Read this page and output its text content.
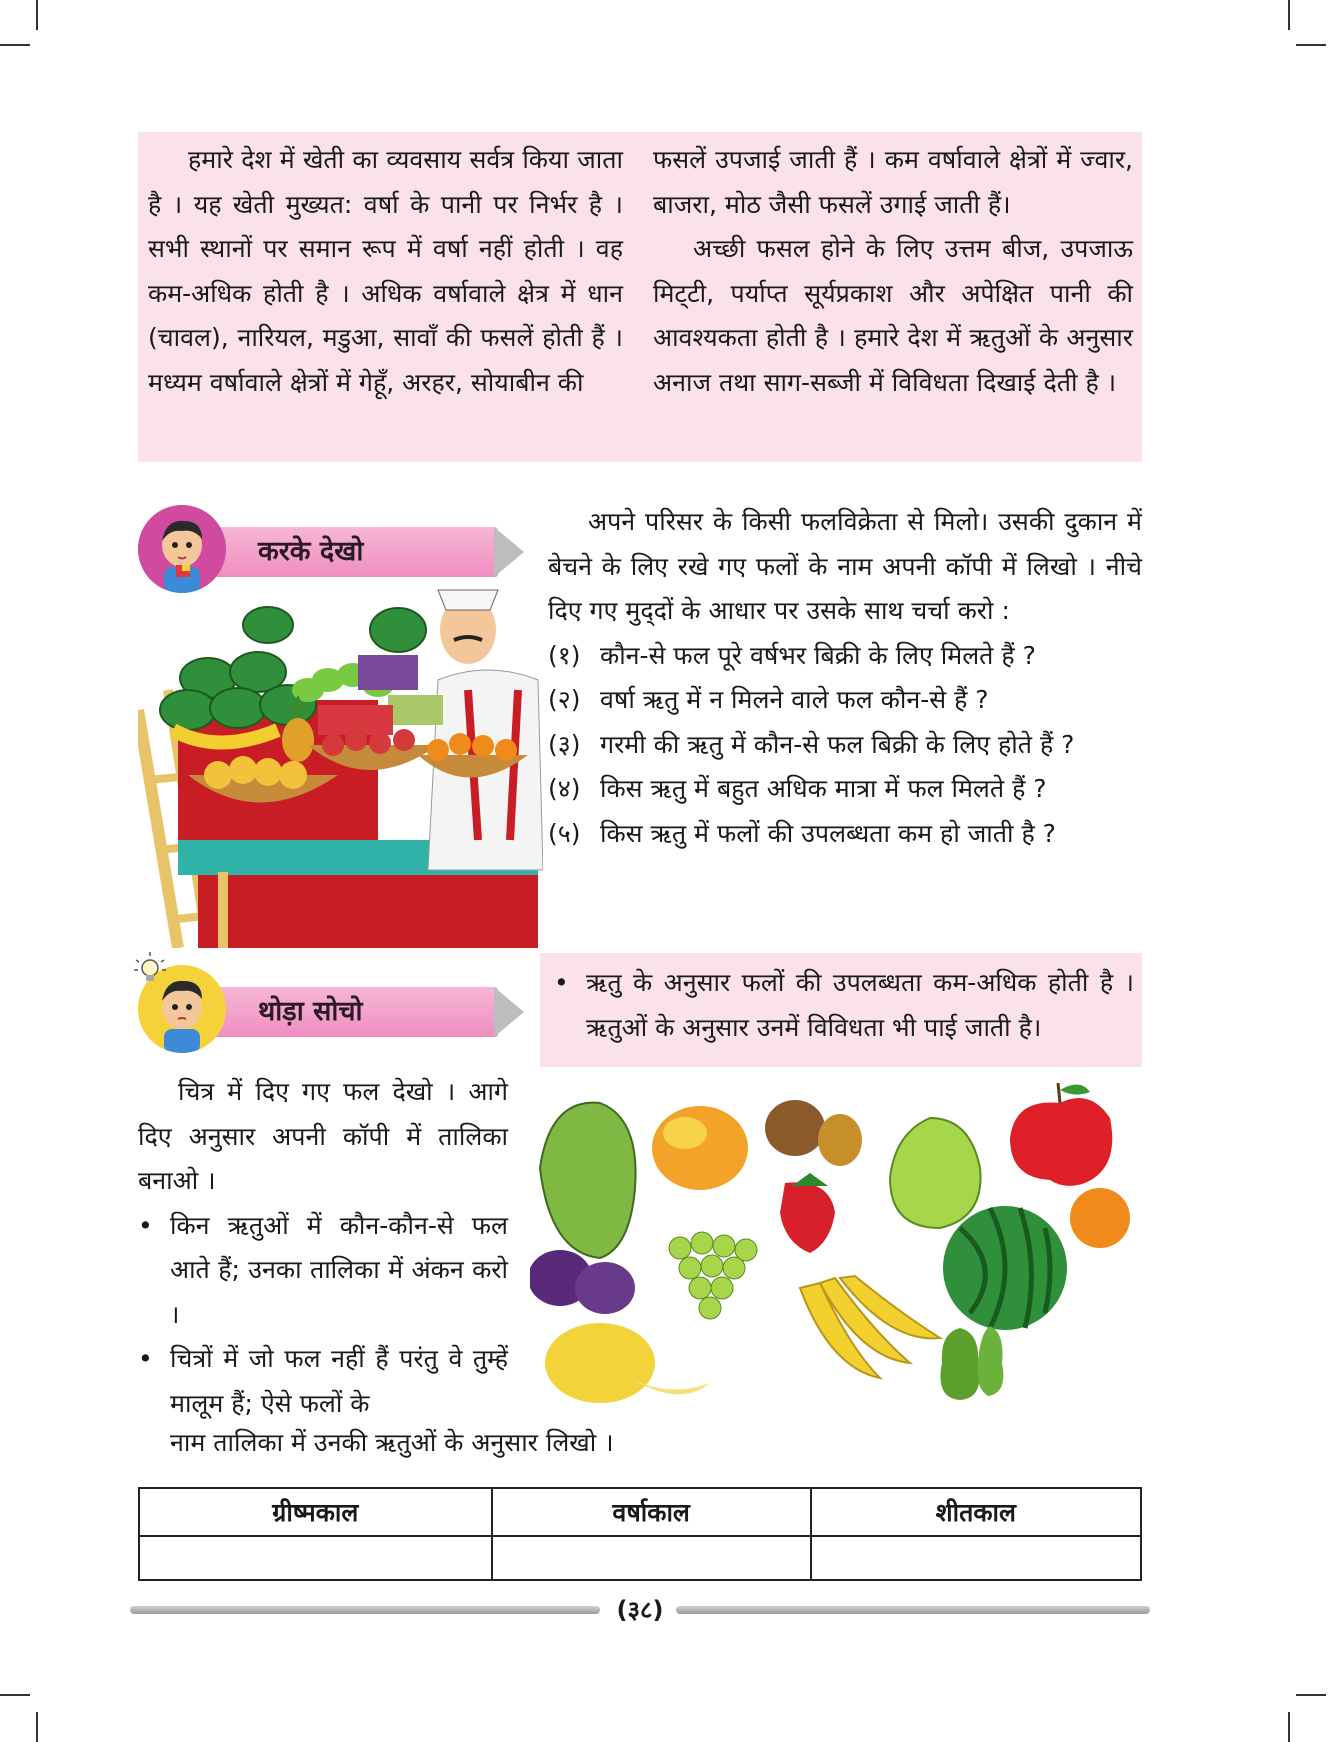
हमारे देश में खेती का व्यवसाय सर्वत्र किया जाता है । यह खेती मुख्यत: वर्षा के पानी पर निर्भर है । सभी स्थानों पर समान रूप में वर्षा नहीं होती । वह कम-अधिक होती है । अधिक वर्षावाले क्षेत्र में धान (चावल), नारियल, मडुआ, सावाँ की फसलें होती हैं । मध्यम वर्षावाले क्षेत्रों में गेहूँ, अरहर, सोयाबीन की

फसलें उपजाई जाती हैं । कम वर्षावाले क्षेत्रों में ज्वार, बाजरा, मोठ जैसी फसलें उगाई जाती हैं।

अच्छी फसल होने के लिए उत्तम बीज, उपजाऊ मिट्‌टी, पर्याप्त सूर्यप्रकाश और अपेक्षित पानी की आवश्यकता होती है । हमारे देश में ऋतुओं के अनुसार अनाज तथा साग-सब्जी में विविधता दिखाई देती है ।

करके देखो

अपने परिसर के किसी फलविक्रेता से मिलो। उसकी दुकान में बेचने के लिए रखे गए फलों के नाम अपनी कॉपी में लिखो । नीचे दिए गए मुद्‌दों के आधार पर उसके साथ चर्चा करो :

(१) कौन-से फल पूरे वर्षभर बिक्री के लिए मिलते हैं ?
(२) वर्षा ऋतु में न मिलने वाले फल कौन-से हैं ?
(३) गरमी की ऋतु में कौन-से फल बिक्री के लिए होते हैं ?
(४) किस ऋतु में बहुत अधिक मात्रा में फल मिलते हैं ?
(५) किस ऋतु में फलों की उपलब्धता कम हो जाती है ?
थोड़ा सोचो
• ऋतु के अनुसार फलों की उपलब्धता कम-अधिक होती है । ऋतुओं के अनुसार उनमें विविधता भी पाई जाती है।

चित्र में दिए गए फल देखो । आगे दिए अनुसार अपनी कॉपी में तालिका बनाओ ।

• किन ऋतुओं में कौन-कौन-से फल आते हैं; उनका तालिका में अंकन करो ।

• चित्रों में जो फल नहीं हैं परंतु वे तुम्हें मालूम हैं; ऐसे फलों के

नाम तालिका में उनकी ऋतुओं के अनुसार लिखो ।
ग्रीष्मकाल	वर्षाकाल	शीतकाल

(३८)
